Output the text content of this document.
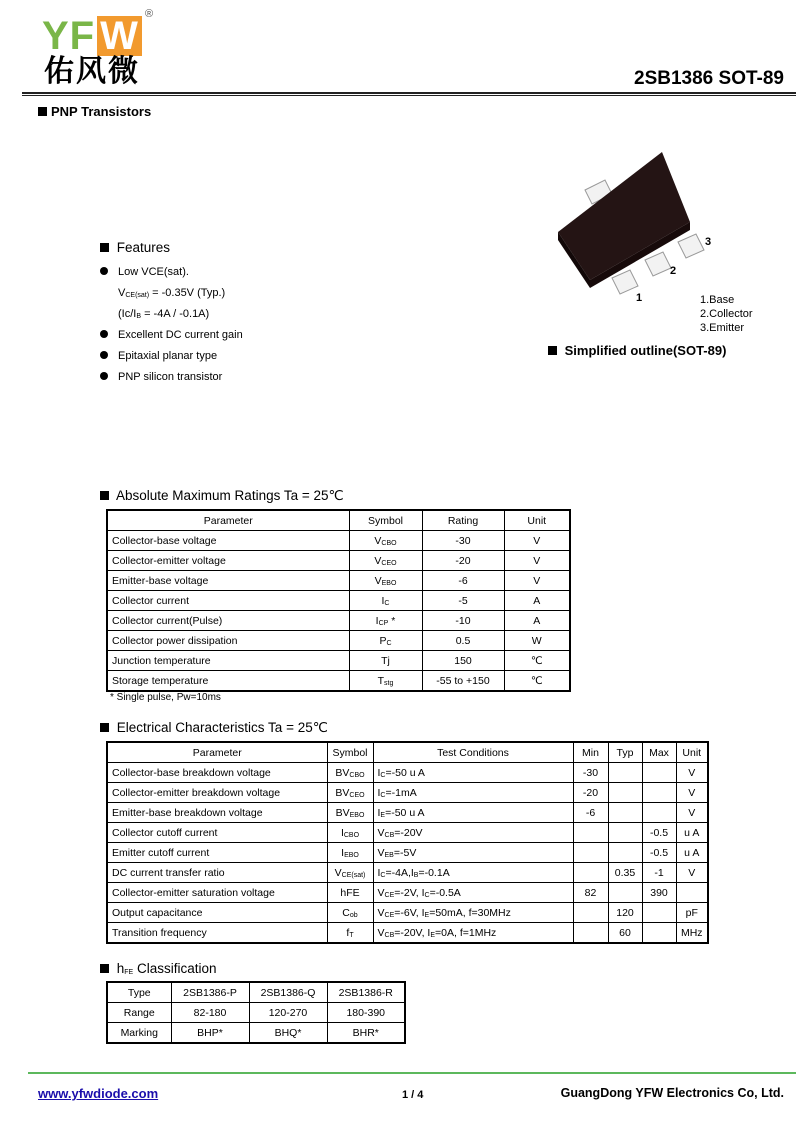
YF W ®
佑风微	2SB1386 SOT-89
PNP Transistors
Features
Low VCE(sat).
$V_{CE(sat)} = -0.35V$ (Typ.)
$(Ic/I_B = -4A / -0.1A)$
Excellent DC current gain
Epitaxial planar type
PNP silicon transistor
1
2
3
1.Base
2.Collector
3.Emitter
Simplified outline(SOT-89)
Absolute Maximum Ratings Ta = 25℃
Parameter	Symbol	Rating	Unit
Collector-base voltage	$V_{CBO}$	-30	V
Collector-emitter voltage	$V_{CEO}$	-20	V
Emitter-base voltage	$V_{EBO}$	-6	V
Collector current	$I_C$	-5	A
Collector current(Pulse)	$I_{CP}$ *	-10	A
Collector power dissipation	$P_C$	0.5	W
Junction temperature	Tj	150	℃
Storage temperature	$T_{stg}$	-55 to +150	℃
* Single pulse, Pw=10ms
Electrical Characteristics Ta = 25℃
Parameter	Symbol	Test Conditions	Min	Typ	Max	Unit
Collector-base breakdown voltage	$BV_{CBO}$	$I_C=-50$ u A	-30			V
Collector-emitter breakdown voltage	$BV_{CEO}$	$I_C=-1mA$	-20			V
Emitter-base breakdown voltage	$BV_{EBO}$	$I_E=-50$ u A	-6			V
Collector cutoff current	$I_{CBO}$	$V_{CB}=-20V$			-0.5	u A
Emitter cutoff current	$I_{EBO}$	$V_{EB}=-5V$			-0.5	u A
DC current transfer ratio	$V_{CE(sat)}$	$I_C=-4A,I_B=-0.1A$		0.35	-1	V
Collector-emitter saturation voltage	hFE	$V_{CE}=-2V$, $I_C=-0.5A$	82		390	
Output capacitance	$C_{ob}$	$V_{CE}=-6V$, $I_E=50mA$, f=30MHz		120		pF
Transition frequency	$f_T$	$V_{CB}=-20V$, $I_E=0A$, f=1MHz		60		MHz
$h_{FE}$ Classification
Type	2SB1386-P	2SB1386-Q	2SB1386-R
Range	82-180	120-270	180-390
Marking	BHP*	BHQ*	BHR*
www.yfwdiode.com	1 / 4	GuangDong YFW Electronics Co, Ltd.
